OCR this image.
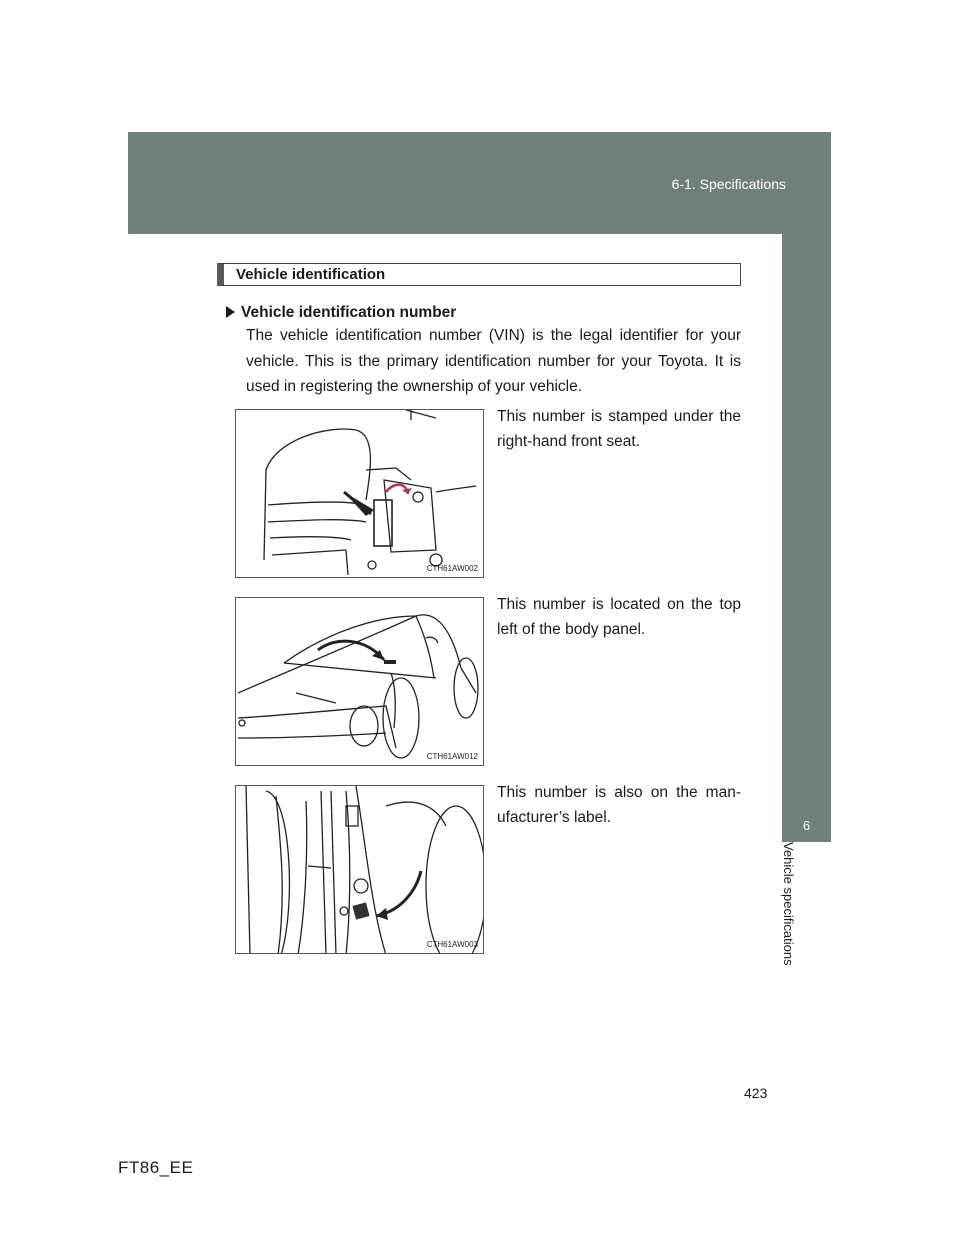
6-1. Specifications
6
Vehicle specifications
Vehicle identification
Vehicle identification number
The vehicle identification number (VIN) is the legal identifier for your vehicle. This is the primary identification number for your Toyota. It is used in registering the ownership of your vehicle.
CTH61AW002
This number is stamped under the right-hand front seat.
CTH61AW012
This number is located on the top left of the body panel.
CTH61AW003
This number is also on the man-ufacturer’s label.
423
FT86_EE
